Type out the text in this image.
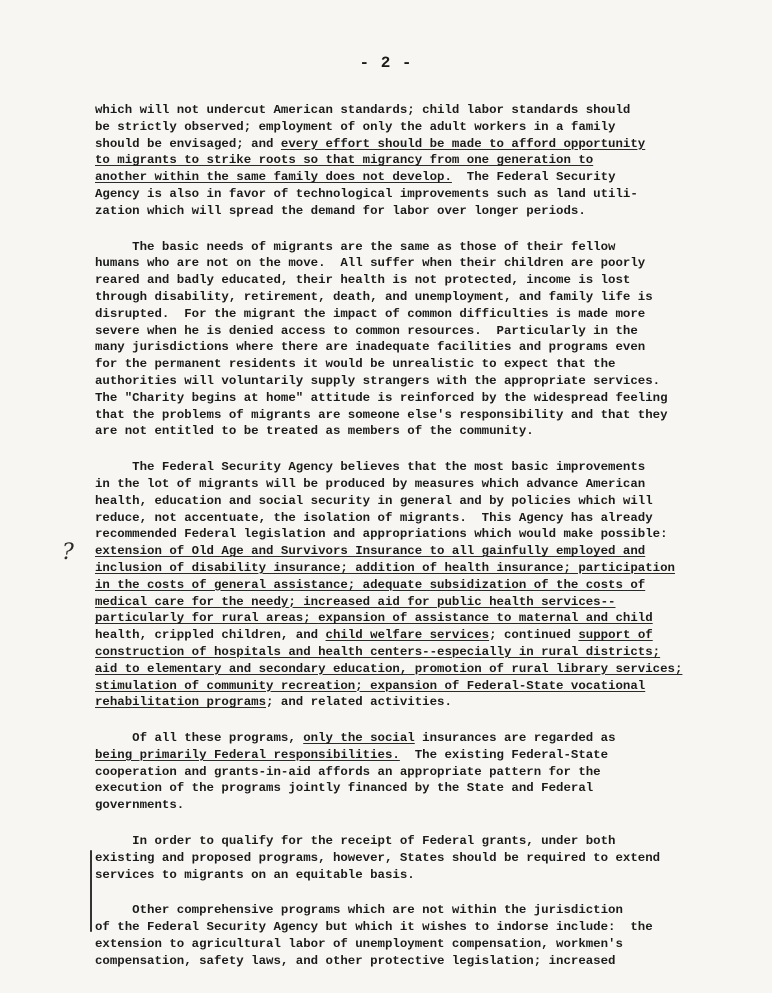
- 2 -
?
which will not undercut American standards; child labor standards should
be strictly observed; employment of only the adult workers in a family
should be envisaged; and every effort should be made to afford opportunity
to migrants to strike roots so that migrancy from one generation to
another within the same family does not develop.  The Federal Security
Agency is also in favor of technological improvements such as land utili-
zation which will spread the demand for labor over longer periods.
The basic needs of migrants are the same as those of their fellow
humans who are not on the move.  All suffer when their children are poorly
reared and badly educated, their health is not protected, income is lost
through disability, retirement, death, and unemployment, and family life is
disrupted.  For the migrant the impact of common difficulties is made more
severe when he is denied access to common resources.  Particularly in the
many jurisdictions where there are inadequate facilities and programs even
for the permanent residents it would be unrealistic to expect that the
authorities will voluntarily supply strangers with the appropriate services.
The "Charity begins at home" attitude is reinforced by the widespread feeling
that the problems of migrants are someone else's responsibility and that they
are not entitled to be treated as members of the community.
The Federal Security Agency believes that the most basic improvements
in the lot of migrants will be produced by measures which advance American
health, education and social security in general and by policies which will
reduce, not accentuate, the isolation of migrants.  This Agency has already
recommended Federal legislation and appropriations which would make possible:
extension of Old Age and Survivors Insurance to all gainfully employed and
inclusion of disability insurance; addition of health insurance; participation
in the costs of general assistance; adequate subsidization of the costs of
medical care for the needy; increased aid for public health services--
particularly for rural areas; expansion of assistance to maternal and child
health, crippled children, and child welfare services; continued support of
construction of hospitals and health centers--especially in rural districts;
aid to elementary and secondary education, promotion of rural library services;
stimulation of community recreation; expansion of Federal-State vocational
rehabilitation programs; and related activities.
Of all these programs, only the social insurances are regarded as
being primarily Federal responsibilities.  The existing Federal-State
cooperation and grants-in-aid affords an appropriate pattern for the
execution of the programs jointly financed by the State and Federal
governments.
In order to qualify for the receipt of Federal grants, under both
existing and proposed programs, however, States should be required to extend
services to migrants on an equitable basis.
Other comprehensive programs which are not within the jurisdiction
of the Federal Security Agency but which it wishes to indorse include:  the
extension to agricultural labor of unemployment compensation, workmen's
compensation, safety laws, and other protective legislation; increased
